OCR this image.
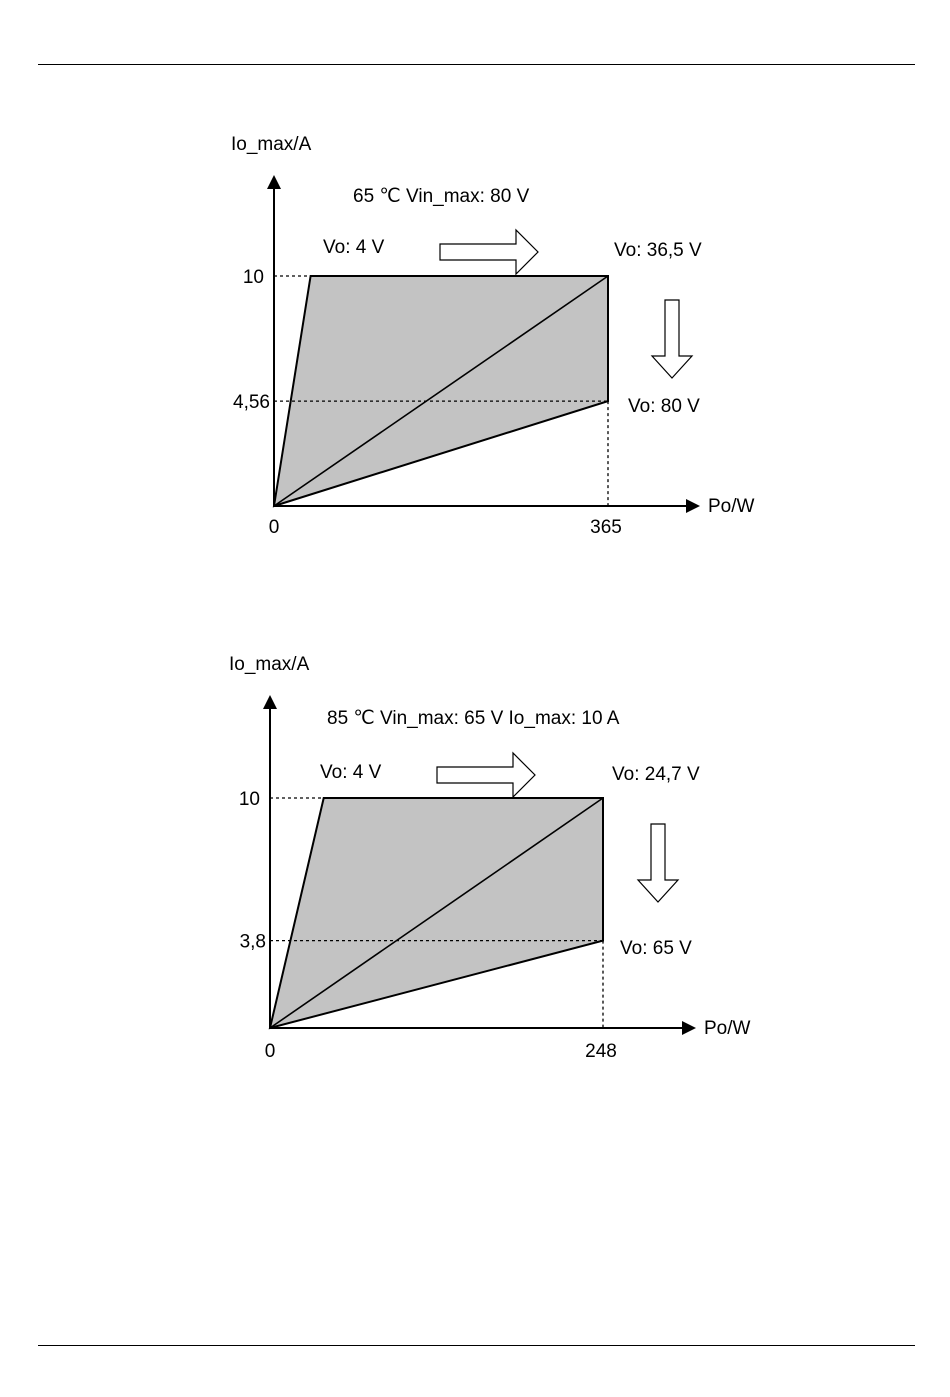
Io_max/A
Po/W
0	365
10
4,56
65 ℃ Vin_max: 80 V
Vo: 4 V	Vo: 36,5 V
Vo: 80 V
Io_max/A
Po/W
0	248
10
3,8
85 ℃ Vin_max: 65 V Io_max: 10 A
Vo: 4 V	Vo: 24,7 V
Vo: 65 V
